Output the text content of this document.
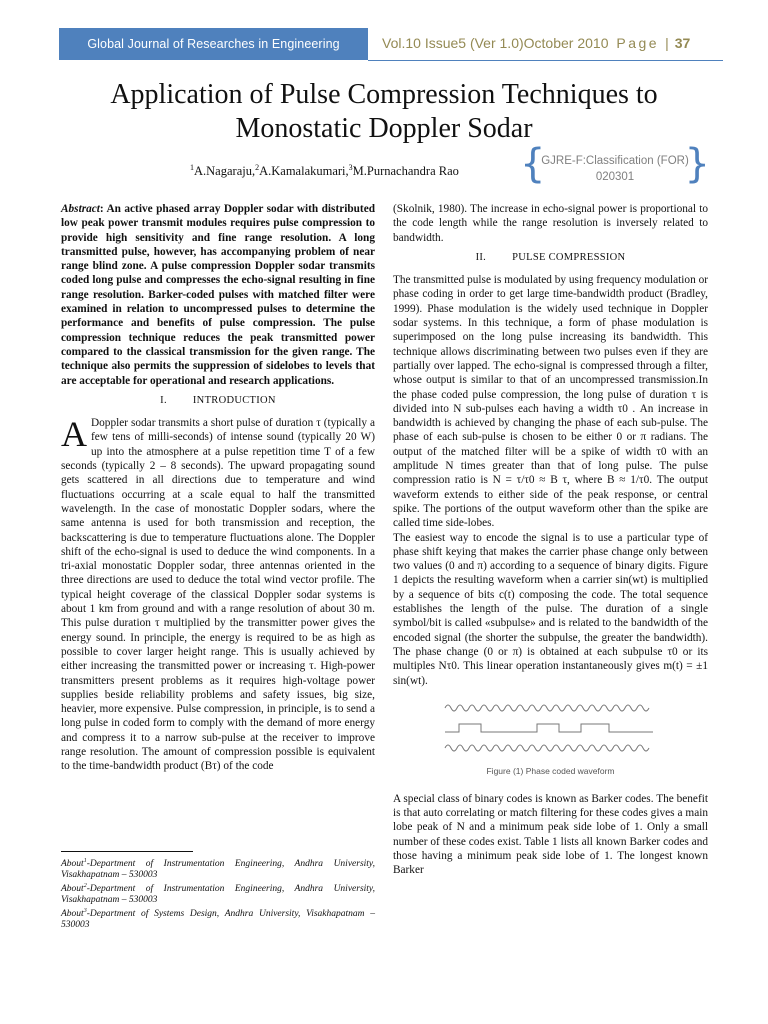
Global Journal of Researches in Engineering	Vol.10 Issue5 (Ver 1.0)October 2010 Page | 37
Application of Pulse Compression Techniques to
Monostatic Doppler Sodar
$^1$A.Nagaraju,$^2$A.Kamalakumari,$^3$M.Purnachandra Rao {
GJRE-F:Classification (FOR)
020301	}

Abstract: An active phased array Doppler sodar with distributed low peak power transmit modules requires pulse compression to provide high sensitivity and fine range resolution. A long transmitted pulse, however, has accompanying problem of near range blind zone. A pulse compression Doppler sodar transmits coded long pulse and compresses the echo-signal resulting in fine range resolution. Barker-coded pulses with matched filter were examined in relation to uncompressed pulses to determine the performance and benefits of pulse compression. The pulse compression technique reduces the peak transmitted power compared to the classical transmission for the given range. The technique also permits the suppression of sidelobes to levels that are acceptable for operational and research applications.

I. INTRODUCTION

A Doppler sodar transmits a short pulse of duration τ (typically a few tens of milli-seconds) of intense sound (typically 20 W) up into the atmosphere at a pulse repetition time T of a few seconds (typically 2 – 8 seconds). The upward propagating sound gets scattered in all directions due to temperature and wind fluctuations occurring at a scale equal to half the transmitted wavelength. In the case of monostatic Doppler sodars, where the same antenna is used for both transmission and reception, the backscattering is due to temperature fluctuations alone. The Doppler shift of the echo-signal is used to deduce the wind components. In a tri-axial monostatic Doppler sodar, three antennas oriented in the three directions are used to deduce the total wind vector profile. The typical height coverage of the classical Doppler sodar systems is about 1 km from ground and with a range resolution of about 30 m. This pulse duration τ multiplied by the transmitter power gives the energy sound. In principle, the energy is required to be as high as possible to cover larger height range. This is usually achieved by either increasing the transmitted power or increasing τ. High-power transmitters present problems as it requires high-voltage power supplies beside reliability problems and safety issues, big size, heavier, more expensive. Pulse compression, in principle, is to send a long pulse in coded form to comply with the demand of more energy and compress it to a narrow sub-pulse at the receiver to improve range resolution. The amount of compression possible is equivalent to the time-bandwidth product (Bτ) of the code

About$^1$-Department of Instrumentation Engineering, Andhra University, Visakhapatnam – 530003

About$^2$-Department of Instrumentation Engineering, Andhra University, Visakhapatnam – 530003

About$^3$-Department of Systems Design, Andhra University, Visakhapatnam – 530003

(Skolnik, 1980). The increase in echo-signal power is proportional to the code length while the range resolution is inversely related to bandwidth.

II. PULSE COMPRESSION

The transmitted pulse is modulated by using frequency modulation or phase coding in order to get large time-bandwidth product (Bradley, 1999). Phase modulation is the widely used technique in Doppler sodar systems. In this technique, a form of phase modulation is superimposed on the long pulse increasing its bandwidth. This technique allows discriminating between two pulses even if they are partially over lapped. The echo-signal is compressed through a filter, whose output is similar to that of an uncompressed transmission.In the phase coded pulse compression, the long pulse of duration τ is divided into N sub-pulses each having a width τ0 . An increase in bandwidth is achieved by changing the phase of each sub-pulse. The phase of each sub-pulse is chosen to be either 0 or π radians. The output of the matched filter will be a spike of width τ0 with an amplitude N times greater than that of long pulse. The pulse compression ratio is N = τ/τ0 ≈ B τ, where B ≈ 1/τ0. The output waveform extends to either side of the peak response, or central spike. The portions of the output waveform other than the spike are called time side-lobes.

The easiest way to encode the signal is to use a particular type of phase shift keying that makes the carrier phase change only between two values (0 and π) according to a sequence of binary digits. Figure 1 depicts the resulting waveform when a carrier sin(wt) is multiplied by a sequence of bits c(t) composing the code. The total sequence establishes the length of the pulse. The duration of a single symbol/bit is called «subpulse» and is related to the bandwidth of the encoded signal (the shorter the subpulse, the greater the bandwidth). The phase change (0 or π) is obtained at each subpulse τ0 or its multiples Nτ0. This linear operation instantaneously gives m(t) = ±1 sin(wt).

Figure (1) Phase coded waveform

A special class of binary codes is known as Barker codes. The benefit is that auto correlating or match filtering for these codes gives a main lobe peak of N and a minimum peak side lobe of 1. Only a small number of these codes exist. Table 1 lists all known Barker codes and those having a minimum peak side lobe of 1. The longest known Barker
